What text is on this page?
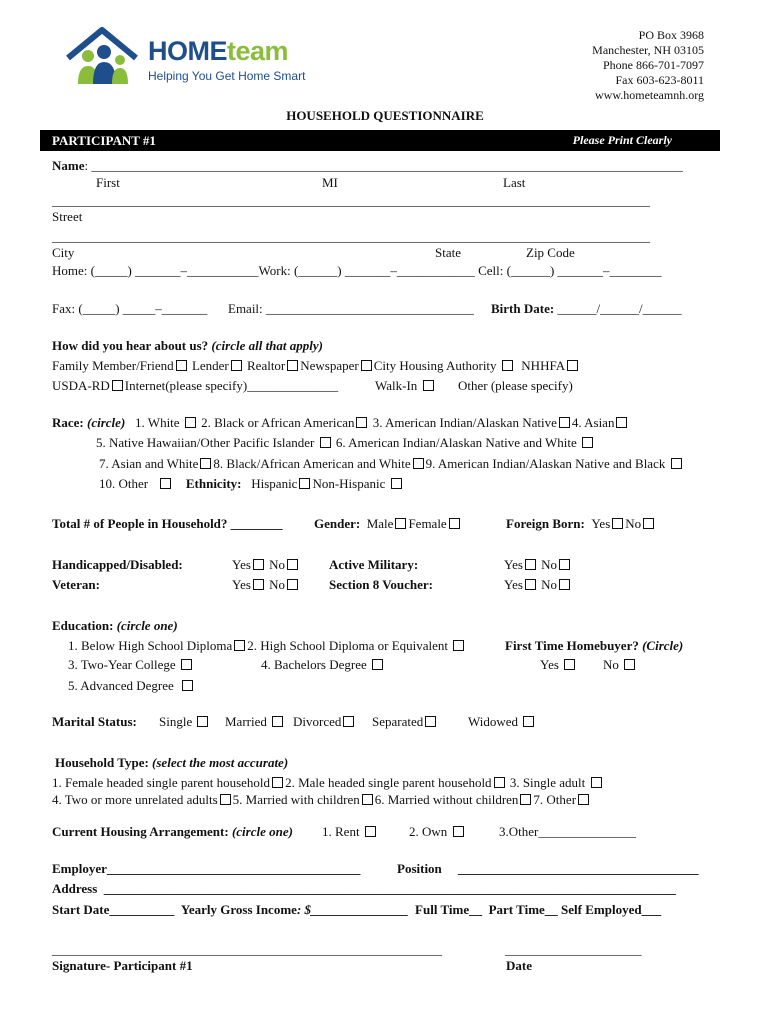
HOMEteam
Helping You Get Home Smart
PO Box 3968
Manchester, NH 03105
Phone 866-701-7097
Fax 603-623-8011
www.hometeamnh.org
HOUSEHOLD QUESTIONNAIRE
PARTICIPANT #1	Please Print Clearly
Name: ___________________________________________________________________________________________
First	MI	Last
____________________________________________________________________________________________
Street
____________________________________________________________________________________________
City	State	Zip Code
Home: (_____) _______–___________Work: (______) _______–____________ Cell: (______) _______–________
Fax: (_____) _____–_______ Email: ________________________________ Birth Date: ______/______/______
How did you hear about us? (circle all that apply)
Family Member/Friend Lender Realtor Newspaper City Housing Authority NHHFA
USDA-RD Internet(please specify)______________	Walk-In	Other (please specify)
Race: (circle) 1. White 2. Black or African American 3. American Indian/Alaskan Native 4. Asian
5. Native Hawaiian/Other Pacific Islander 6. American Indian/Alaskan Native and White
7. Asian and White 8. Black/African American and White 9. American Indian/Alaskan Native and Black
10. Other	Ethnicity: Hispanic Non-Hispanic
Total # of People in Household? ________ Gender: Male Female	Foreign Born: Yes No
Handicapped/Disabled:	Yes No	Active Military:	Yes No
Veteran:	Yes No	Section 8 Voucher:	Yes No
Education: (circle one)
1. Below High School Diploma 2. High School Diploma or Equivalent	First Time Homebuyer? (Circle)
3. Two-Year College	4. Bachelors Degree	Yes	No
5. Advanced Degree
Marital Status: Single	Married	Divorced	Separated	Widowed
Household Type: (select the most accurate)
1. Female headed single parent household 2. Male headed single parent household 3. Single adult
4. Two or more unrelated adults 5. Married with children 6. Married without children 7. Other
Current Housing Arrangement: (circle one) 1. Rent	2. Own	3.Other_______________
Employer_______________________________________	Position _____________________________________
Address ________________________________________________________________________________________
Start Date__________ Yearly Gross Income: $_______________ Full Time__ Part Time__ Self Employed___
____________________________________________________________	_____________________
Signature- Participant #1	Date
